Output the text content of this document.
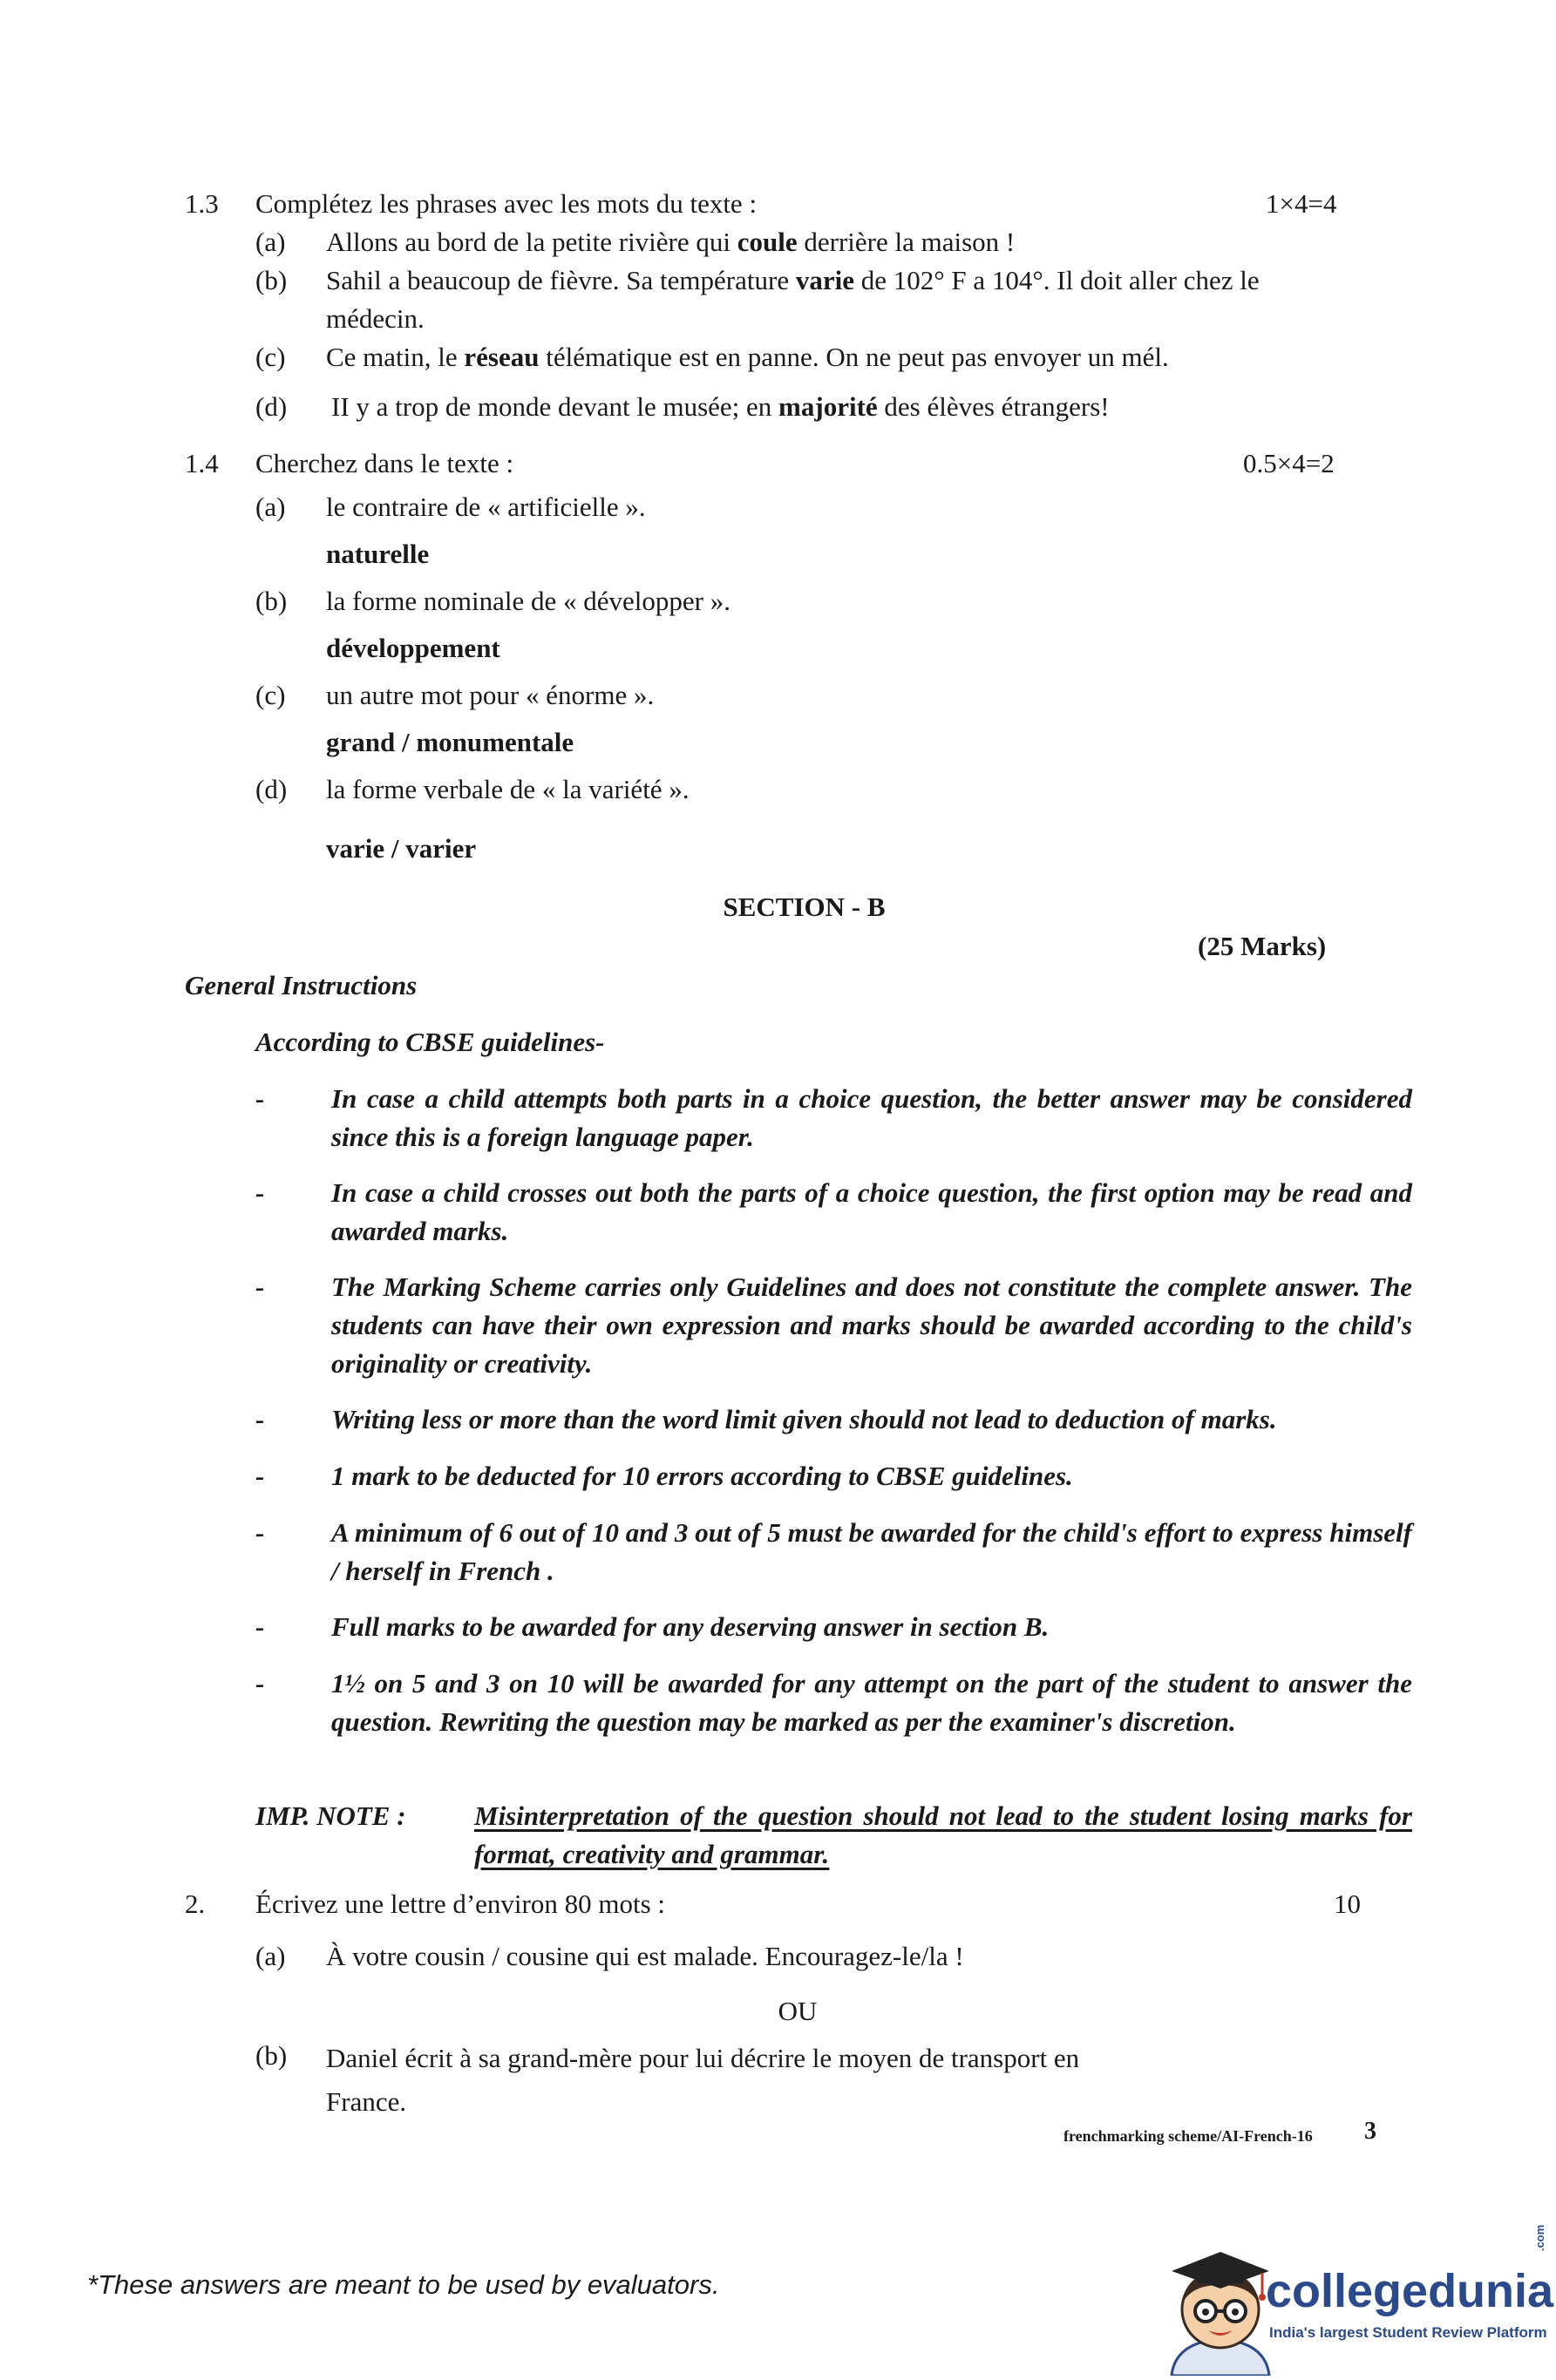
1.3 Complétez les phrases avec les mots du texte :	1×4=4
(a) Allons au bord de la petite rivière qui coule derrière la maison !
(b) Sahil a beaucoup de fièvre. Sa température varie de 102° F a 104°. Il doit aller chez le médecin.
(c) Ce matin, le réseau télématique est en panne. On ne peut pas envoyer un mél.
(d) II y a trop de monde devant le musée; en majorité des élèves étrangers!
1.4 Cherchez dans le texte :	0.5×4=2
(a) le contraire de « artificielle ».
naturelle
(b) la forme nominale de « développer ».
développement
(c) un autre mot pour « énorme ».
grand / monumentale
(d) la forme verbale de « la variété ».
varie / varier
SECTION - B
(25 Marks)
General Instructions
According to CBSE guidelines-
- In case a child attempts both parts in a choice question, the better answer may be considered since this is a foreign language paper.
- In case a child crosses out both the parts of a choice question, the first option may be read and awarded marks.
- The Marking Scheme carries only Guidelines and does not constitute the complete answer. The students can have their own expression and marks should be awarded according to the child's originality or creativity.
- Writing less or more than the word limit given should not lead to deduction of marks.
- 1 mark to be deducted for 10 errors according to CBSE guidelines.
- A minimum of 6 out of 10 and 3 out of 5 must be awarded for the child's effort to express himself / herself in French .
- Full marks to be awarded for any deserving answer in section B.
- 1½ on 5 and 3 on 10 will be awarded for any attempt on the part of the student to answer the question. Rewriting the question may be marked as per the examiner's discretion.
IMP. NOTE :	Misinterpretation of the question should not lead to the student losing marks for format, creativity and grammar.
2. Écrivez une lettre d’environ 80 mots :	10
(a) À votre cousin / cousine qui est malade. Encouragez-le/la !
OU
(b) Daniel écrit à sa grand-mère pour lui décrire le moyen de transport en France.
frenchmarking scheme/AI-French-16 3
*These answers are meant to be used by evaluators.	collegedunia
.com
India's largest Student Review Platform
